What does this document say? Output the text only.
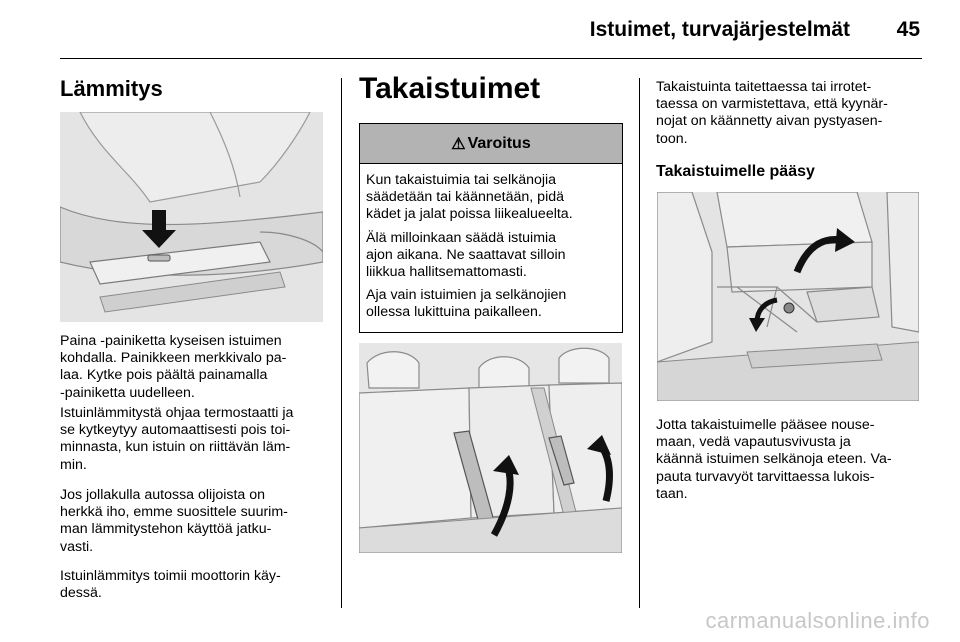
Istuimet, turvajärjestelmät 45
Lämmitys
Paina -painiketta kyseisen istuimen
kohdalla. Painikkeen merkkivalo pa-
laa. Kytke pois päältä painamalla
-painiketta uudelleen.
Istuinlämmitystä ohjaa termostaatti ja
se kytkeytyy automaattisesti pois toi-
minnasta, kun istuin on riittävän läm-
min.
Jos jollakulla autossa olijoista on
herkkä iho, emme suosittele suurim-
man lämmitystehon käyttöä jatku-
vasti.
Istuinlämmitys toimii moottorin käy-
dessä.
Takaistuimet
⚠ Varoitus

Kun takaistuimia tai selkänojia
säädetään tai käännetään, pidä
kädet ja jalat poissa liikealueelta.

Älä milloinkaan säädä istuimia
ajon aikana. Ne saattavat silloin
liikkua hallitsemattomasti.

Aja vain istuimien ja selkänojien
ollessa lukittuina paikalleen.

Takaistuinta taitettaessa tai irrotet-
taessa on varmistettava, että kyynär-
nojat on käännetty aivan pystyasen-
toon.
Takaistuimelle pääsy
Jotta takaistuimelle pääsee nouse-
maan, vedä vapautusvivusta ja
käännä istuimen selkänoja eteen. Va-
pauta turvavyöt tarvittaessa lukois-
taan.
carmanualsonline.info
